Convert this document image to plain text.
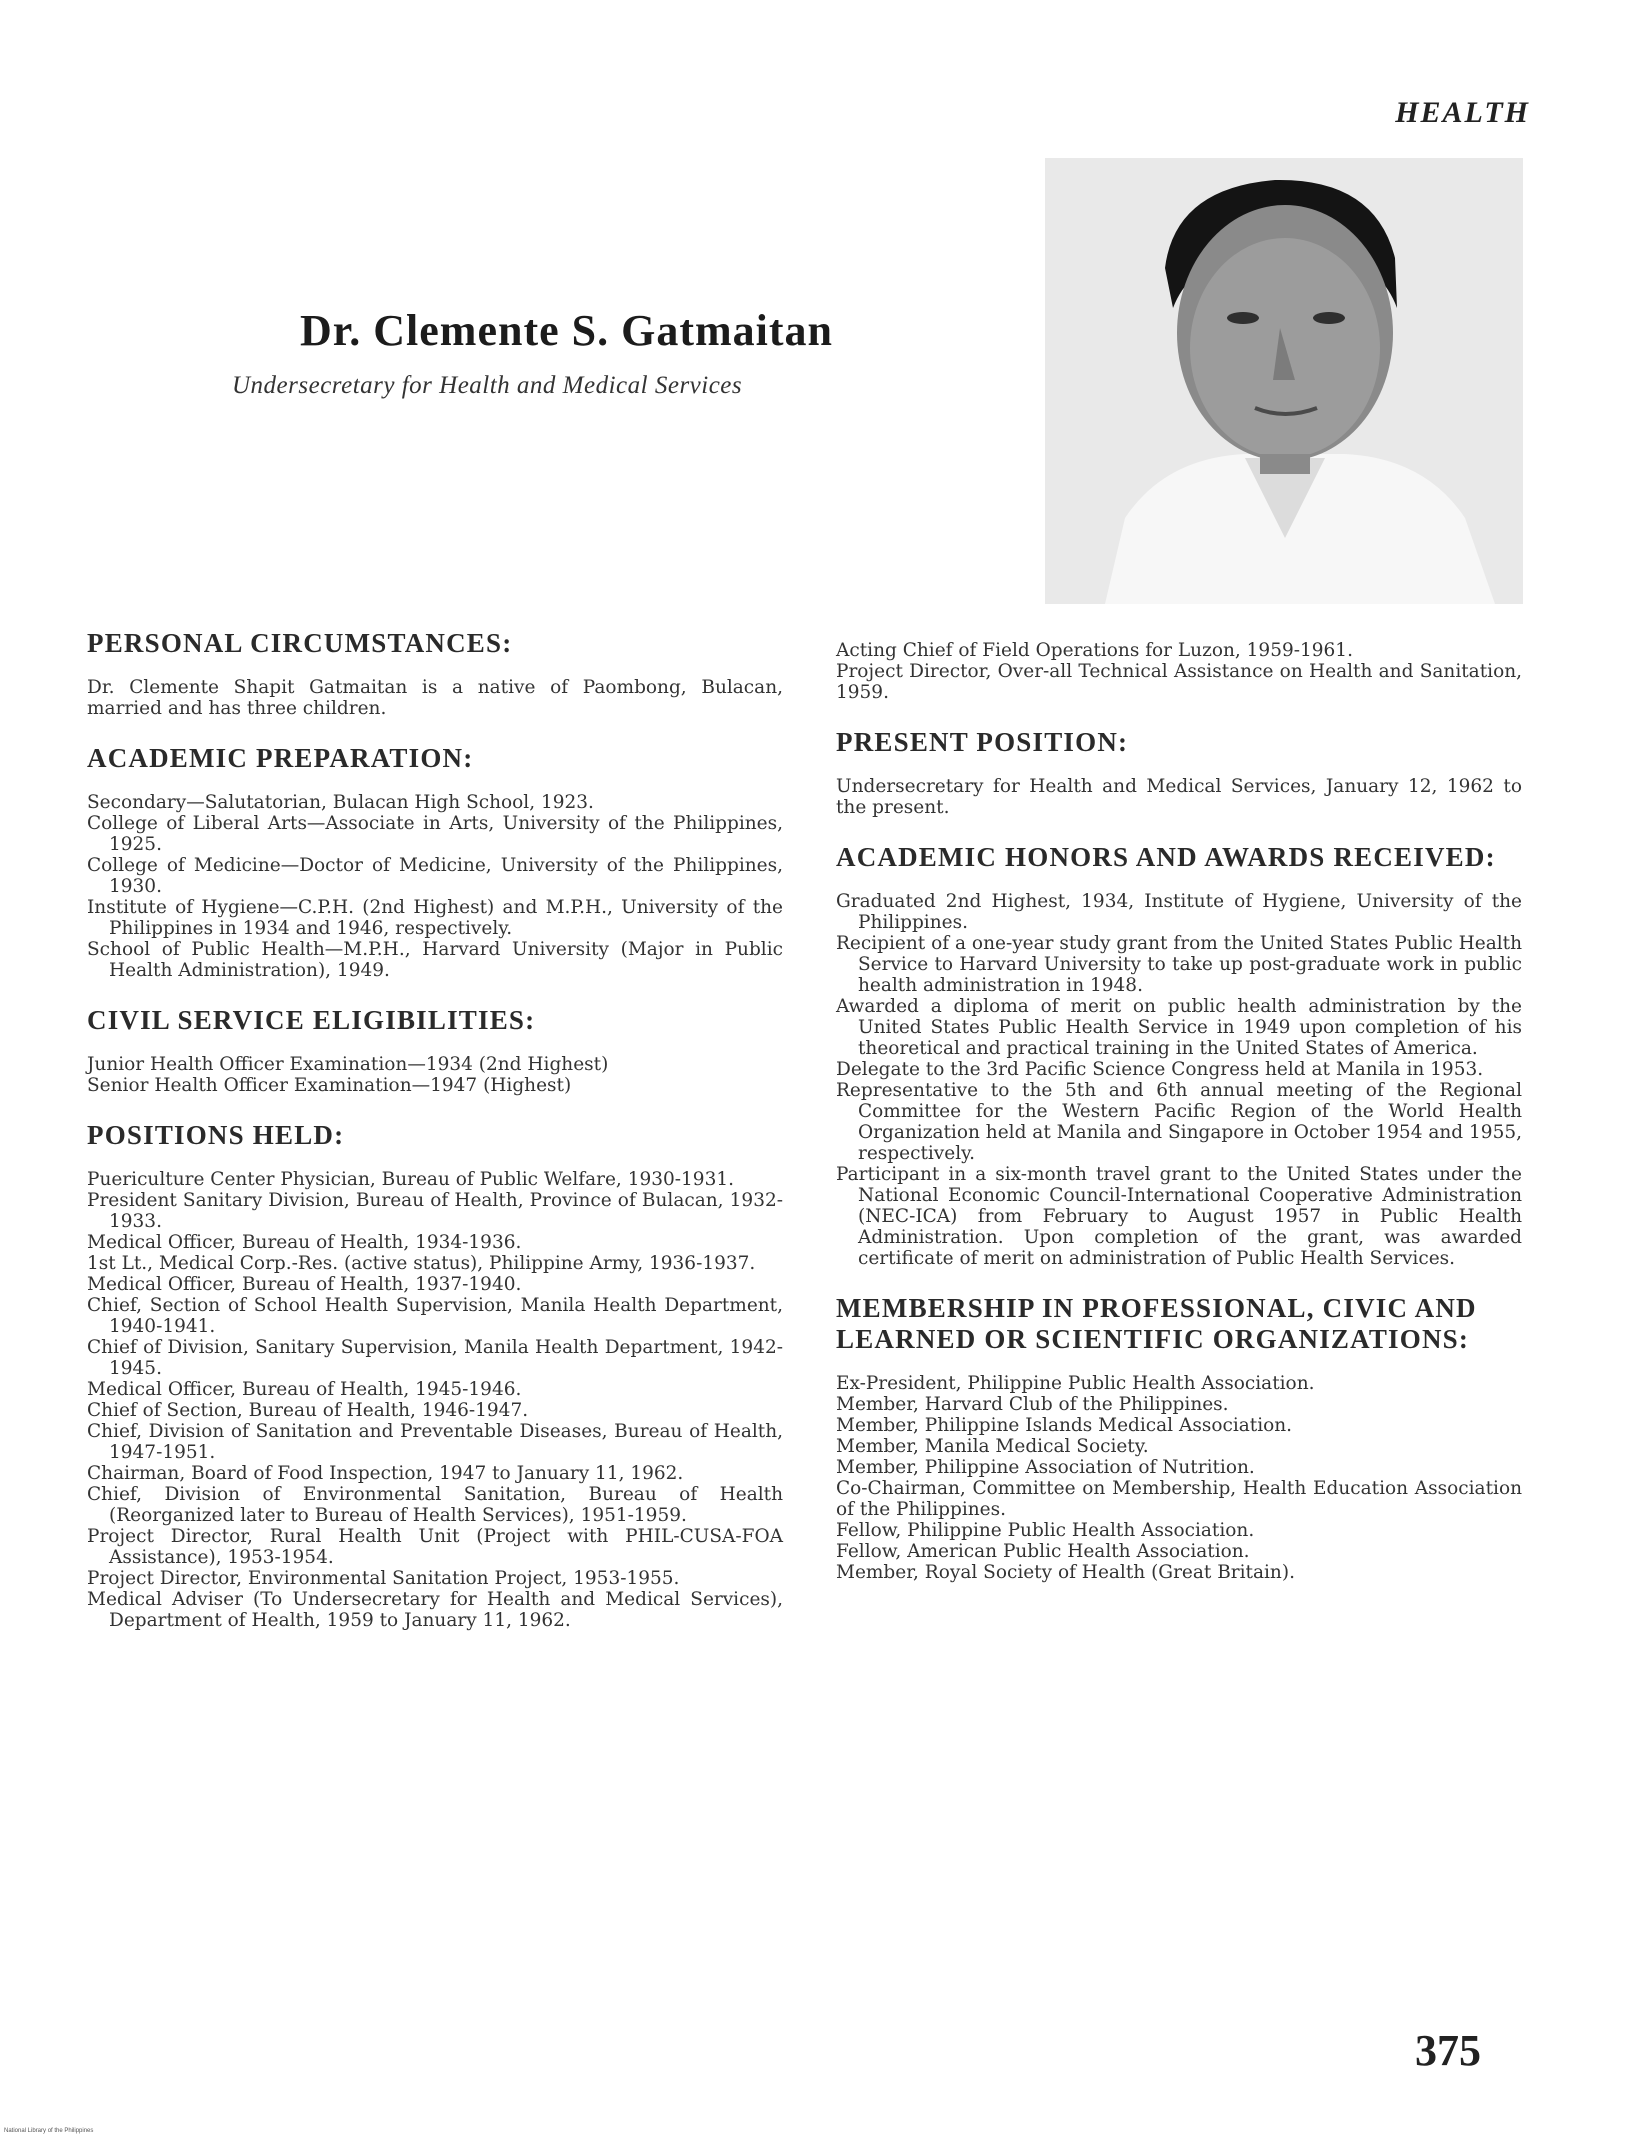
HEALTH
Dr. Clemente S. Gatmaitan
Undersecretary for Health and Medical Services
PERSONAL CIRCUMSTANCES:

Dr. Clemente Shapit Gatmaitan is a native of Paombong, Bulacan, married and has three children.

ACADEMIC PREPARATION:
Secondary—Salutatorian, Bulacan High School, 1923.
College of Liberal Arts—Associate in Arts, University of the Philippines, 1925.
College of Medicine—Doctor of Medicine, University of the Philippines, 1930.
Institute of Hygiene—C.P.H. (2nd Highest) and M.P.H., University of the Philippines in 1934 and 1946, respectively.
School of Public Health—M.P.H., Harvard University (Major in Public Health Administration), 1949.
CIVIL SERVICE ELIGIBILITIES:
Junior Health Officer Examination—1934 (2nd Highest)
Senior Health Officer Examination—1947 (Highest)
POSITIONS HELD:
Puericulture Center Physician, Bureau of Public Welfare, 1930-1931.
President Sanitary Division, Bureau of Health, Province of Bulacan, 1932-1933.
Medical Officer, Bureau of Health, 1934-1936.
1st Lt., Medical Corp.-Res. (active status), Philippine Army, 1936-1937.
Medical Officer, Bureau of Health, 1937-1940.
Chief, Section of School Health Supervision, Manila Health Department, 1940-1941.
Chief of Division, Sanitary Supervision, Manila Health Department, 1942-1945.
Medical Officer, Bureau of Health, 1945-1946.
Chief of Section, Bureau of Health, 1946-1947.
Chief, Division of Sanitation and Preventable Diseases, Bureau of Health, 1947-1951.
Chairman, Board of Food Inspection, 1947 to January 11, 1962.
Chief, Division of Environmental Sanitation, Bureau of Health (Reorganized later to Bureau of Health Services), 1951-1959.
Project Director, Rural Health Unit (Project with PHIL-CUSA-FOA Assistance), 1953-1954.
Project Director, Environmental Sanitation Project, 1953-1955.
Medical Adviser (To Undersecretary for Health and Medical Services), Department of Health, 1959 to January 11, 1962.
Acting Chief of Field Operations for Luzon, 1959-1961.
Project Director, Over-all Technical Assistance on Health and Sanitation, 1959.
PRESENT POSITION:

Undersecretary for Health and Medical Services, January 12, 1962 to the present.

ACADEMIC HONORS AND AWARDS RECEIVED:
Graduated 2nd Highest, 1934, Institute of Hygiene, University of the Philippines.
Recipient of a one-year study grant from the United States Public Health Service to Harvard University to take up post-graduate work in public health administration in 1948.
Awarded a diploma of merit on public health administration by the United States Public Health Service in 1949 upon completion of his theoretical and practical training in the United States of America.
Delegate to the 3rd Pacific Science Congress held at Manila in 1953.
Representative to the 5th and 6th annual meeting of the Regional Committee for the Western Pacific Region of the World Health Organization held at Manila and Singapore in October 1954 and 1955, respectively.
Participant in a six-month travel grant to the United States under the National Economic Council-International Cooperative Administration (NEC-ICA) from February to August 1957 in Public Health Administration. Upon completion of the grant, was awarded certificate of merit on administration of Public Health Services.
MEMBERSHIP IN PROFESSIONAL, CIVIC AND LEARNED OR SCIENTIFIC ORGANIZATIONS:
Ex-President, Philippine Public Health Association.
Member, Harvard Club of the Philippines.
Member, Philippine Islands Medical Association.
Member, Manila Medical Society.
Member, Philippine Association of Nutrition.
Co-Chairman, Committee on Membership, Health Education Association of the Philippines.
Fellow, Philippine Public Health Association.
Fellow, American Public Health Association.
Member, Royal Society of Health (Great Britain).
375
National Library of the Philippines
